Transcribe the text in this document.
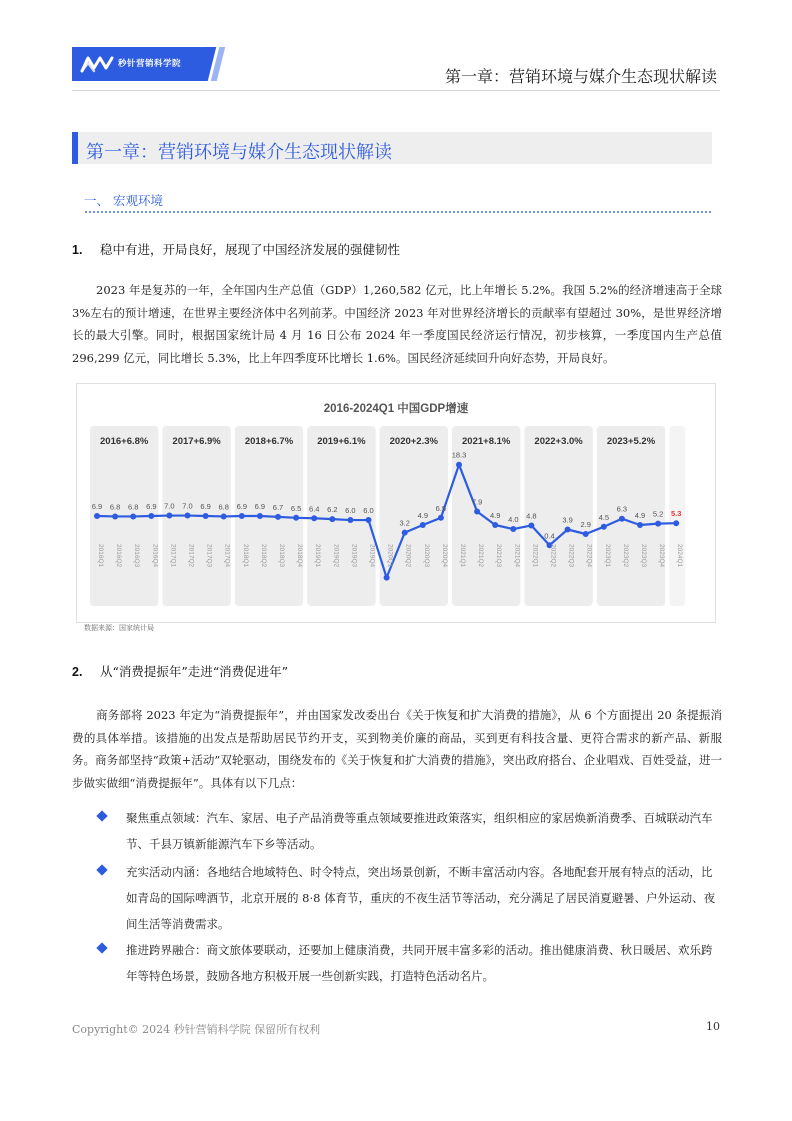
秒针营销科学院
第一章：营销环境与媒介生态现状解读
第一章：营销环境与媒介生态现状解读
一、 宏观环境
1. 稳中有进，开局良好，展现了中国经济发展的强健韧性
2023 年是复苏的一年，全年国内生产总值（GDP）1,260,582 亿元，比上年增长 5.2%。我国 5.2%的经济增速高于全球 3%左右的预计增速，在世界主要经济体中名列前茅。中国经济 2023 年对世界经济增长的贡献率有望超过 30%，是世界经济增长的最大引擎。同时，根据国家统计局 4 月 16 日公布 2024 年一季度国民经济运行情况，初步核算，一季度国内生产总值 296,299 亿元，同比增长 5.3%，比上年四季度环比增长 1.6%。国民经济延续回升向好态势，开局良好。
2016-2024Q1 中国GDP增速
2016+6.8%	2017+6.9%	2018+6.7%	2019+6.1%	2020+2.3%	2021+8.1%	2022+3.0%	2023+5.2%
6.9
2016Q1
6.8
2016Q2
6.8
2016Q3
6.9
2016Q4
7.0
2017Q1
7.0
2017Q2
6.9
2017Q3
6.8
2017Q4
6.9
2018Q1
6.9
2018Q2
6.7
2018Q3
6.5
2018Q4
6.4
2019Q1
6.2
2019Q2
6.0
2019Q3
6.0
2019Q4 2020Q1
3.2
2020Q2
4.9
2020Q3
6.5
2020Q4
18.3
2021Q1
7.9
2021Q2
4.9
2021Q3
4.0
2021Q4
4.8
2022Q1
0.4
2022Q2
3.9
2022Q3
2.9
2022Q4
4.5
2023Q1
6.3
2023Q2
4.9
2023Q3
5.2
2023Q4
5.3
2024Q1
数据来源：国家统计局
2. 从“消费提振年”走进“消费促进年”
商务部将 2023 年定为“消费提振年”，并由国家发改委出台《关于恢复和扩大消费的措施》，从 6 个方面提出 20 条提振消费的具体举措。该措施的出发点是帮助居民节约开支，买到物美价廉的商品，买到更有科技含量、更符合需求的新产品、新服务。商务部坚持“政策+活动”双轮驱动，围绕发布的《关于恢复和扩大消费的措施》，突出政府搭台、企业唱戏、百姓受益，进一步做实做细“消费提振年”。具体有以下几点：
聚焦重点领域：汽车、家居、电子产品消费等重点领域要推进政策落实，组织相应的家居焕新消费季、百城联动汽车节、千县万镇新能源汽车下乡等活动。
充实活动内涵：各地结合地域特色、时令特点，突出场景创新，不断丰富活动内容。各地配套开展有特点的活动，比如青岛的国际啤酒节，北京开展的 8·8 体育节，重庆的不夜生活节等活动，充分满足了居民消夏避暑、户外运动、夜间生活等消费需求。
推进跨界融合：商文旅体要联动，还要加上健康消费，共同开展丰富多彩的活动。推出健康消费、秋日暖居、欢乐跨年等特色场景，鼓励各地方积极开展一些创新实践，打造特色活动名片。
Copyright© 2024 秒针营销科学院 保留所有权利	10
